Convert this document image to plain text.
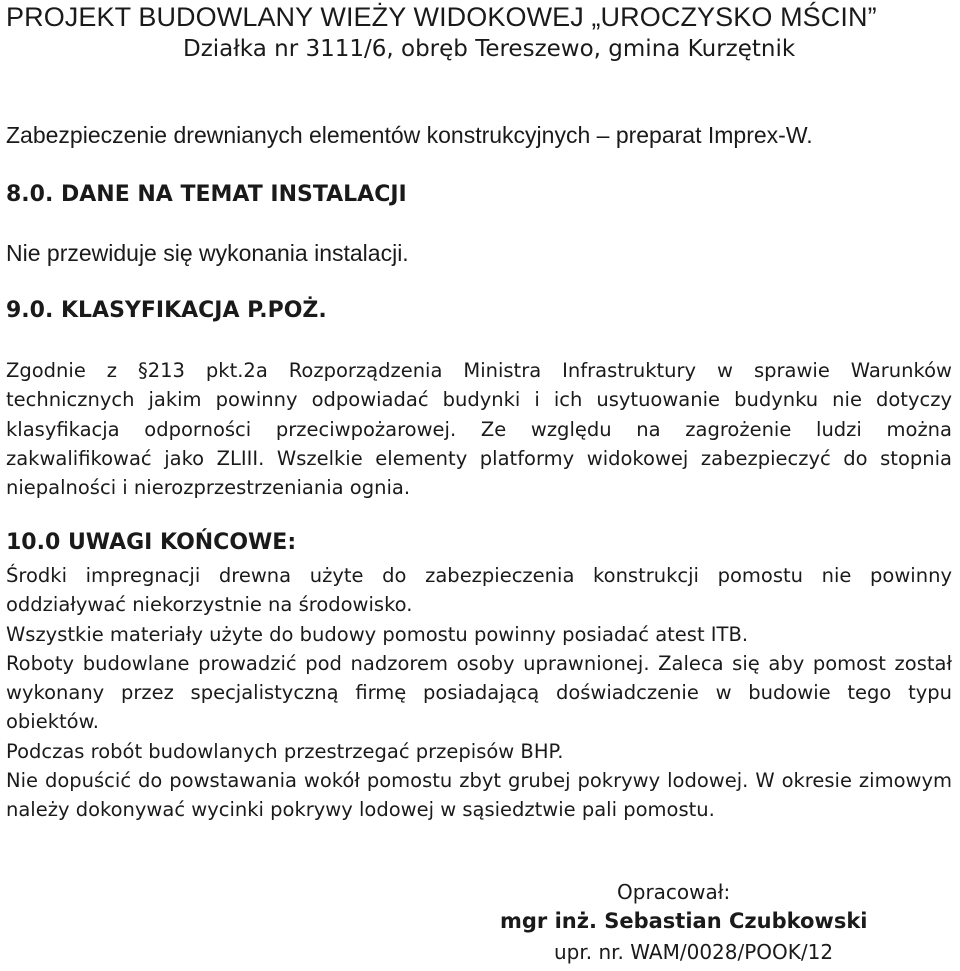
PROJEKT BUDOWLANY WIEŻY WIDOKOWEJ „UROCZYSKO MŚCIN”
Działka nr 3111/6, obręb Tereszewo, gmina Kurzętnik
Zabezpieczenie drewnianych elementów konstrukcyjnych – preparat Imprex-W.
8.0. DANE NA TEMAT INSTALACJI
Nie przewiduje się wykonania instalacji.
9.0. KLASYFIKACJA P.POŻ.

Zgodnie z §213 pkt.2a Rozporządzenia Ministra Infrastruktury w sprawie Warunków technicznych jakim powinny odpowiadać budynki i ich usytuowanie budynku nie dotyczy klasyfikacja odporności przeciwpożarowej. Ze względu na zagrożenie ludzi można zakwalifikować jako ZLIII. Wszelkie elementy platformy widokowej zabezpieczyć do stopnia niepalności i nierozprzestrzeniania ognia.

10.0 UWAGI KOŃCOWE:

Środki impregnacji drewna użyte do zabezpieczenia konstrukcji pomostu nie powinny oddziaływać niekorzystnie na środowisko.

Wszystkie materiały użyte do budowy pomostu powinny posiadać atest ITB.

Roboty budowlane prowadzić pod nadzorem osoby uprawnionej. Zaleca się aby pomost został wykonany przez specjalistyczną firmę posiadającą doświadczenie w budowie tego typu obiektów.

Podczas robót budowlanych przestrzegać przepisów BHP.

Nie dopuścić do powstawania wokół pomostu zbyt grubej pokrywy lodowej. W okresie zimowym należy dokonywać wycinki pokrywy lodowej w sąsiedztwie pali pomostu.

Opracował:
mgr inż. Sebastian Czubkowski
upr. nr. WAM/0028/POOK/12
